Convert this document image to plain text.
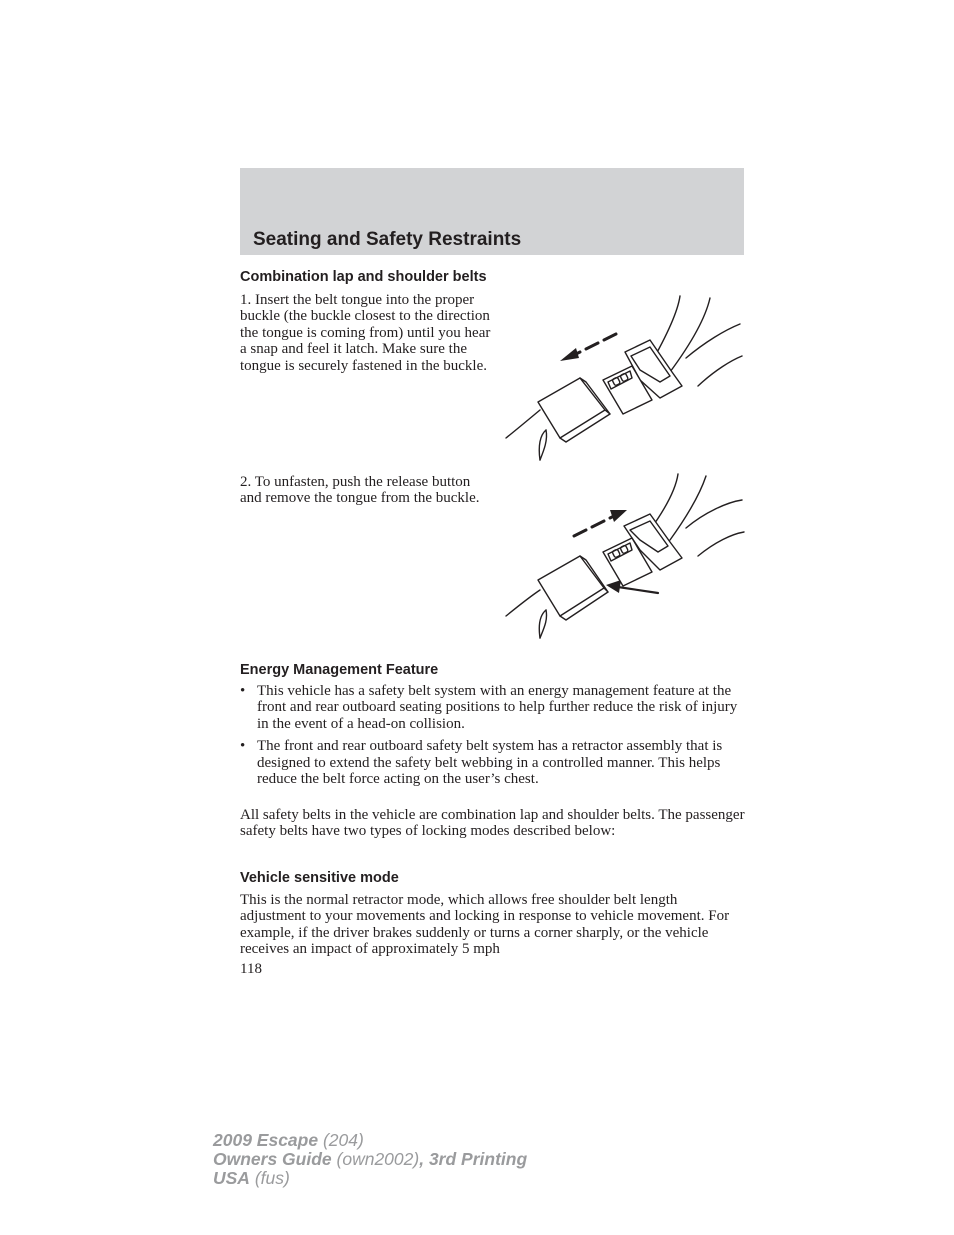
Seating and Safety Restraints
Combination lap and shoulder belts

1. Insert the belt tongue into the proper buckle (the buckle closest to the direction the tongue is coming from) until you hear a snap and feel it latch. Make sure the tongue is securely fastened in the buckle.

2. To unfasten, push the release button and remove the tongue from the buckle.

Energy Management Feature
• This vehicle has a safety belt system with an energy management feature at the front and rear outboard seating positions to help further reduce the risk of injury in the event of a head-on collision.
• The front and rear outboard safety belt system has a retractor assembly that is designed to extend the safety belt webbing in a controlled manner. This helps reduce the belt force acting on the user’s chest.

All safety belts in the vehicle are combination lap and shoulder belts. The passenger safety belts have two types of locking modes described below:

Vehicle sensitive mode

This is the normal retractor mode, which allows free shoulder belt length adjustment to your movements and locking in response to vehicle movement. For example, if the driver brakes suddenly or turns a corner sharply, or the vehicle receives an impact of approximately 5 mph

118

2009 Escape (204)
Owners Guide (own2002), 3rd Printing
USA (fus)
